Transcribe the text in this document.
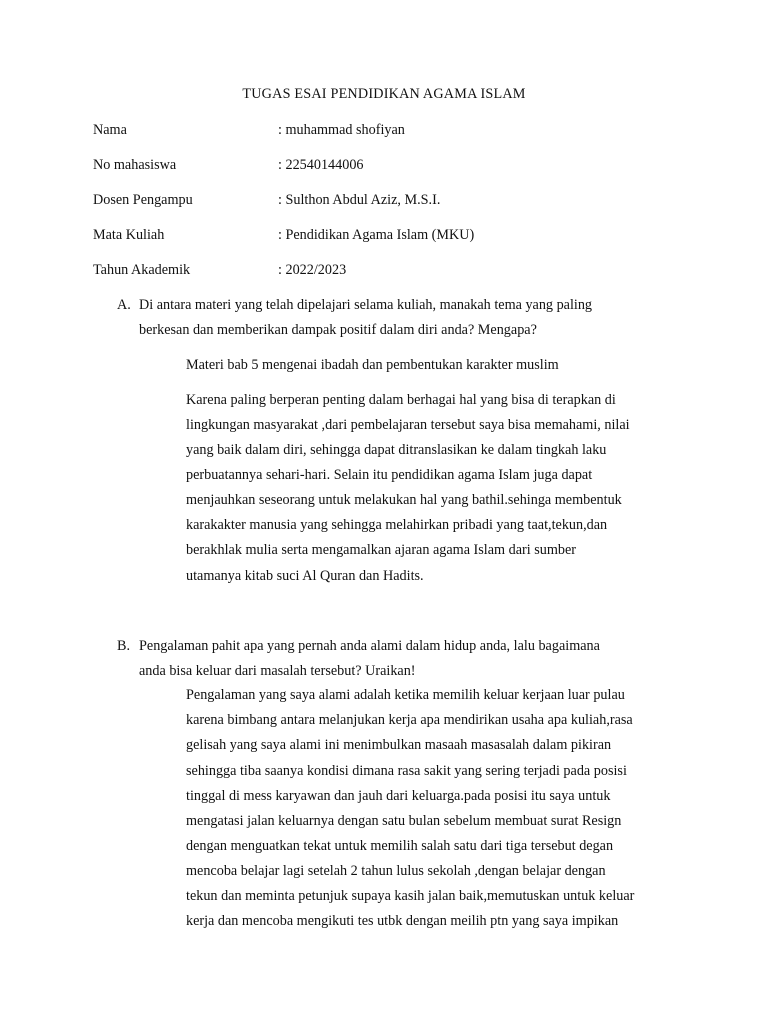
TUGAS ESAI PENDIDIKAN AGAMA ISLAM
Nama	: muhammad shofiyan
No mahasiswa	: 22540144006
Dosen Pengampu	: Sulthon Abdul Aziz, M.S.I.
Mata Kuliah	: Pendidikan Agama Islam (MKU)
Tahun Akademik	: 2022/2023
A. Di antara materi yang telah dipelajari selama kuliah, manakah tema yang paling
berkesan dan memberikan dampak positif dalam diri anda? Mengapa?
Materi bab 5 mengenai ibadah dan pembentukan karakter muslim
Karena paling berperan penting dalam berhagai hal yang bisa di terapkan di
lingkungan masyarakat ,dari pembelajaran tersebut saya bisa memahami, nilai
yang baik dalam diri, sehingga dapat ditranslasikan ke dalam tingkah laku
perbuatannya sehari-hari. Selain itu pendidikan agama Islam juga dapat
menjauhkan seseorang untuk melakukan hal yang bathil.sehinga membentuk
karakakter manusia yang sehingga melahirkan pribadi yang taat,tekun,dan
berakhlak mulia serta mengamalkan ajaran agama Islam dari sumber
utamanya kitab suci Al Quran dan Hadits.
B. Pengalaman pahit apa yang pernah anda alami dalam hidup anda, lalu bagaimana
anda bisa keluar dari masalah tersebut? Uraikan!
Pengalaman yang saya alami adalah ketika memilih keluar kerjaan luar pulau
karena bimbang antara melanjukan kerja apa mendirikan usaha apa kuliah,rasa
gelisah yang saya alami ini menimbulkan masaah masasalah dalam pikiran
sehingga tiba saanya kondisi dimana rasa sakit yang sering terjadi pada posisi
tinggal di mess karyawan dan jauh dari keluarga.pada posisi itu saya untuk
mengatasi jalan keluarnya dengan satu bulan sebelum membuat surat Resign
dengan menguatkan tekat untuk memilih salah satu dari tiga tersebut degan
mencoba belajar lagi setelah 2 tahun lulus sekolah ,dengan belajar dengan
tekun dan meminta petunjuk supaya kasih jalan baik,memutuskan untuk keluar
kerja dan mencoba mengikuti tes utbk dengan meilih ptn yang saya impikan
